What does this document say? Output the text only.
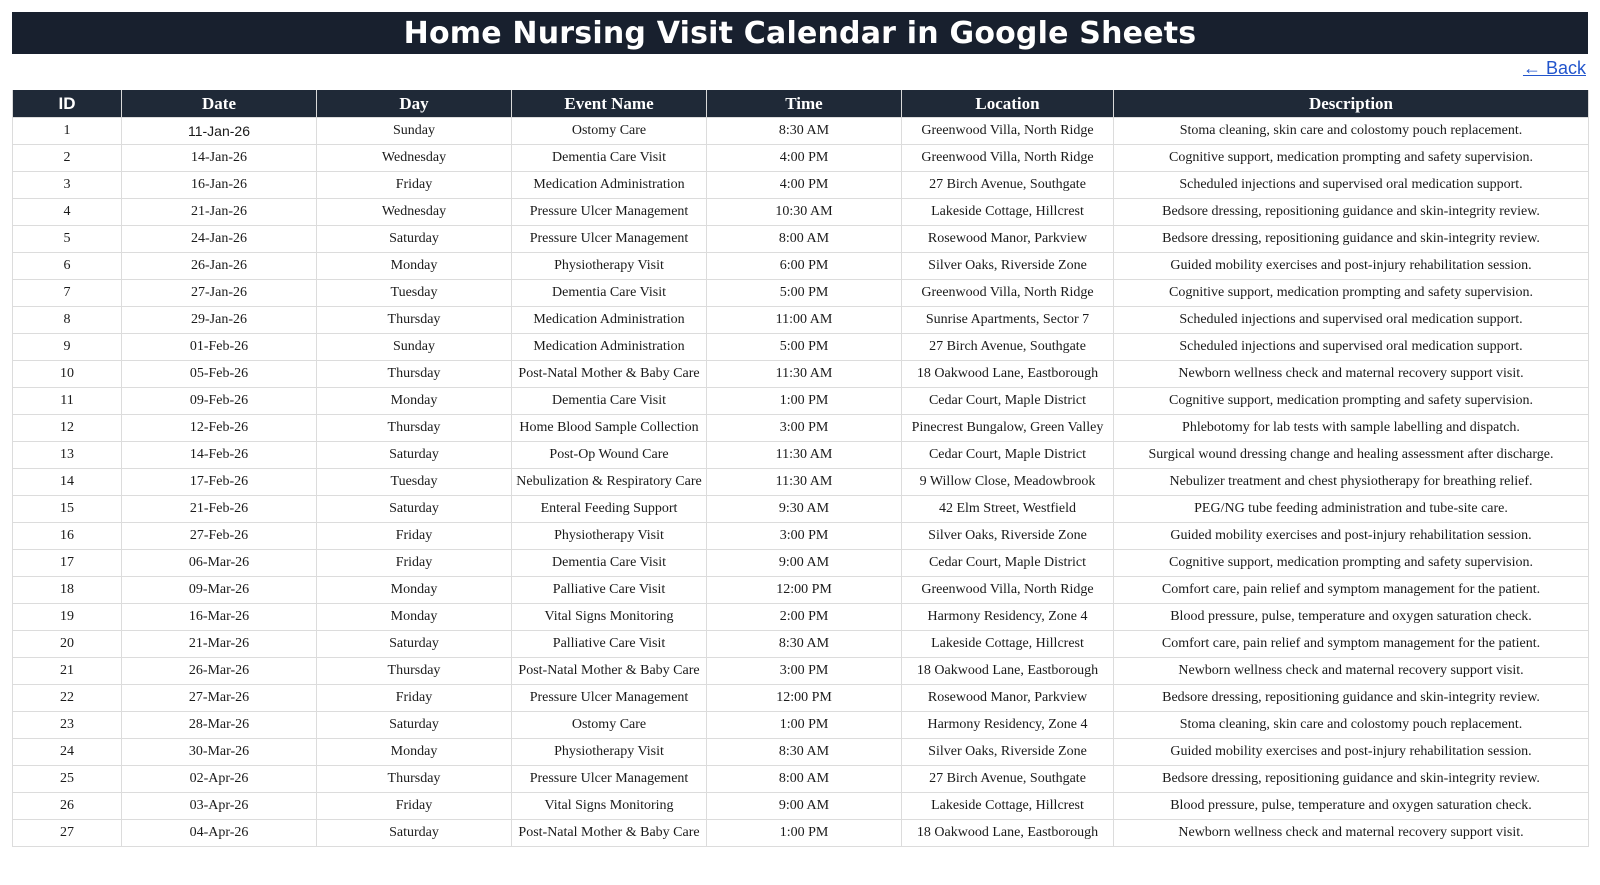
Home Nursing Visit Calendar in Google Sheets
← Back
ID	Date	Day	Event Name	Time	Location	Description
1	11-Jan-26	Sunday	Ostomy Care	8:30 AM	Greenwood Villa, North Ridge	Stoma cleaning, skin care and colostomy pouch replacement.
2	14-Jan-26	Wednesday	Dementia Care Visit	4:00 PM	Greenwood Villa, North Ridge	Cognitive support, medication prompting and safety supervision.
3	16-Jan-26	Friday	Medication Administration	4:00 PM	27 Birch Avenue, Southgate	Scheduled injections and supervised oral medication support.
4	21-Jan-26	Wednesday	Pressure Ulcer Management	10:30 AM	Lakeside Cottage, Hillcrest	Bedsore dressing, repositioning guidance and skin-integrity review.
5	24-Jan-26	Saturday	Pressure Ulcer Management	8:00 AM	Rosewood Manor, Parkview	Bedsore dressing, repositioning guidance and skin-integrity review.
6	26-Jan-26	Monday	Physiotherapy Visit	6:00 PM	Silver Oaks, Riverside Zone	Guided mobility exercises and post-injury rehabilitation session.
7	27-Jan-26	Tuesday	Dementia Care Visit	5:00 PM	Greenwood Villa, North Ridge	Cognitive support, medication prompting and safety supervision.
8	29-Jan-26	Thursday	Medication Administration	11:00 AM	Sunrise Apartments, Sector 7	Scheduled injections and supervised oral medication support.
9	01-Feb-26	Sunday	Medication Administration	5:00 PM	27 Birch Avenue, Southgate	Scheduled injections and supervised oral medication support.
10	05-Feb-26	Thursday	Post-Natal Mother & Baby Care	11:30 AM	18 Oakwood Lane, Eastborough	Newborn wellness check and maternal recovery support visit.
11	09-Feb-26	Monday	Dementia Care Visit	1:00 PM	Cedar Court, Maple District	Cognitive support, medication prompting and safety supervision.
12	12-Feb-26	Thursday	Home Blood Sample Collection	3:00 PM	Pinecrest Bungalow, Green Valley	Phlebotomy for lab tests with sample labelling and dispatch.
13	14-Feb-26	Saturday	Post-Op Wound Care	11:30 AM	Cedar Court, Maple District	Surgical wound dressing change and healing assessment after discharge.
14	17-Feb-26	Tuesday	Nebulization & Respiratory Care	11:30 AM	9 Willow Close, Meadowbrook	Nebulizer treatment and chest physiotherapy for breathing relief.
15	21-Feb-26	Saturday	Enteral Feeding Support	9:30 AM	42 Elm Street, Westfield	PEG/NG tube feeding administration and tube-site care.
16	27-Feb-26	Friday	Physiotherapy Visit	3:00 PM	Silver Oaks, Riverside Zone	Guided mobility exercises and post-injury rehabilitation session.
17	06-Mar-26	Friday	Dementia Care Visit	9:00 AM	Cedar Court, Maple District	Cognitive support, medication prompting and safety supervision.
18	09-Mar-26	Monday	Palliative Care Visit	12:00 PM	Greenwood Villa, North Ridge	Comfort care, pain relief and symptom management for the patient.
19	16-Mar-26	Monday	Vital Signs Monitoring	2:00 PM	Harmony Residency, Zone 4	Blood pressure, pulse, temperature and oxygen saturation check.
20	21-Mar-26	Saturday	Palliative Care Visit	8:30 AM	Lakeside Cottage, Hillcrest	Comfort care, pain relief and symptom management for the patient.
21	26-Mar-26	Thursday	Post-Natal Mother & Baby Care	3:00 PM	18 Oakwood Lane, Eastborough	Newborn wellness check and maternal recovery support visit.
22	27-Mar-26	Friday	Pressure Ulcer Management	12:00 PM	Rosewood Manor, Parkview	Bedsore dressing, repositioning guidance and skin-integrity review.
23	28-Mar-26	Saturday	Ostomy Care	1:00 PM	Harmony Residency, Zone 4	Stoma cleaning, skin care and colostomy pouch replacement.
24	30-Mar-26	Monday	Physiotherapy Visit	8:30 AM	Silver Oaks, Riverside Zone	Guided mobility exercises and post-injury rehabilitation session.
25	02-Apr-26	Thursday	Pressure Ulcer Management	8:00 AM	27 Birch Avenue, Southgate	Bedsore dressing, repositioning guidance and skin-integrity review.
26	03-Apr-26	Friday	Vital Signs Monitoring	9:00 AM	Lakeside Cottage, Hillcrest	Blood pressure, pulse, temperature and oxygen saturation check.
27	04-Apr-26	Saturday	Post-Natal Mother & Baby Care	1:00 PM	18 Oakwood Lane, Eastborough	Newborn wellness check and maternal recovery support visit.
